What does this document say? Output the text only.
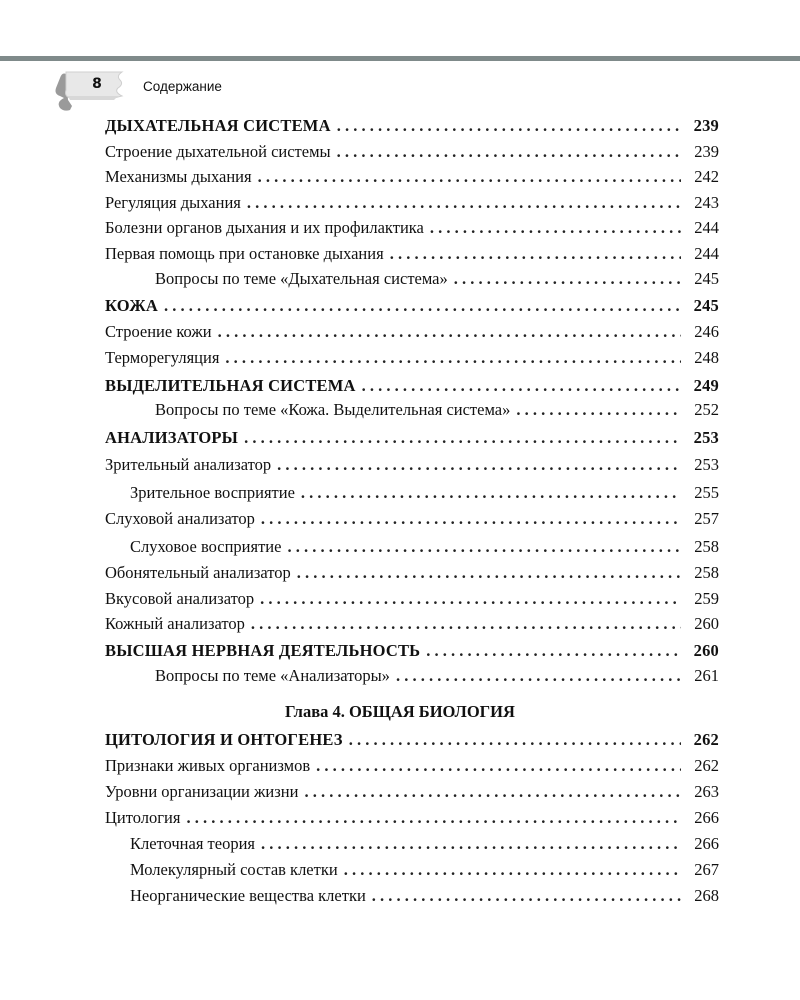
8	Содержание
ДЫХАТЕЛЬНАЯ СИСТЕМА . . .	239
Строение дыхательной системы . . .	239
Механизмы дыхания . . .	242
Регуляция дыхания . . .	243
Болезни органов дыхания и их профилактика . . .	244
Первая помощь при остановке дыхания . . .	244
Вопросы по теме «Дыхательная система» . . .	245
КОЖА . . .	245
Строение кожи . . .	246
Терморегуляция . . .	248
ВЫДЕЛИТЕЛЬНАЯ СИСТЕМА . . .	249
Вопросы по теме «Кожа. Выделительная система» . . .	252
АНАЛИЗАТОРЫ . . .	253
Зрительный анализатор . . .	253
Зрительное восприятие . . .	255
Слуховой анализатор . . .	257
Слуховое восприятие . . .	258
Обонятельный анализатор . . .	258
Вкусовой анализатор . . .	259
Кожный анализатор . . .	260
ВЫСШАЯ НЕРВНАЯ ДЕЯТЕЛЬНОСТЬ . . .	260
Вопросы по теме «Анализаторы» . . .	261
Глава 4. ОБЩАЯ БИОЛОГИЯ
ЦИТОЛОГИЯ И ОНТОГЕНЕЗ . . .	262
Признаки живых организмов . . .	262
Уровни организации жизни . . .	263
Цитология . . .	266
Клеточная теория . . .	266
Молекулярный состав клетки . . .	267
Неорганические вещества клетки . . .	268
